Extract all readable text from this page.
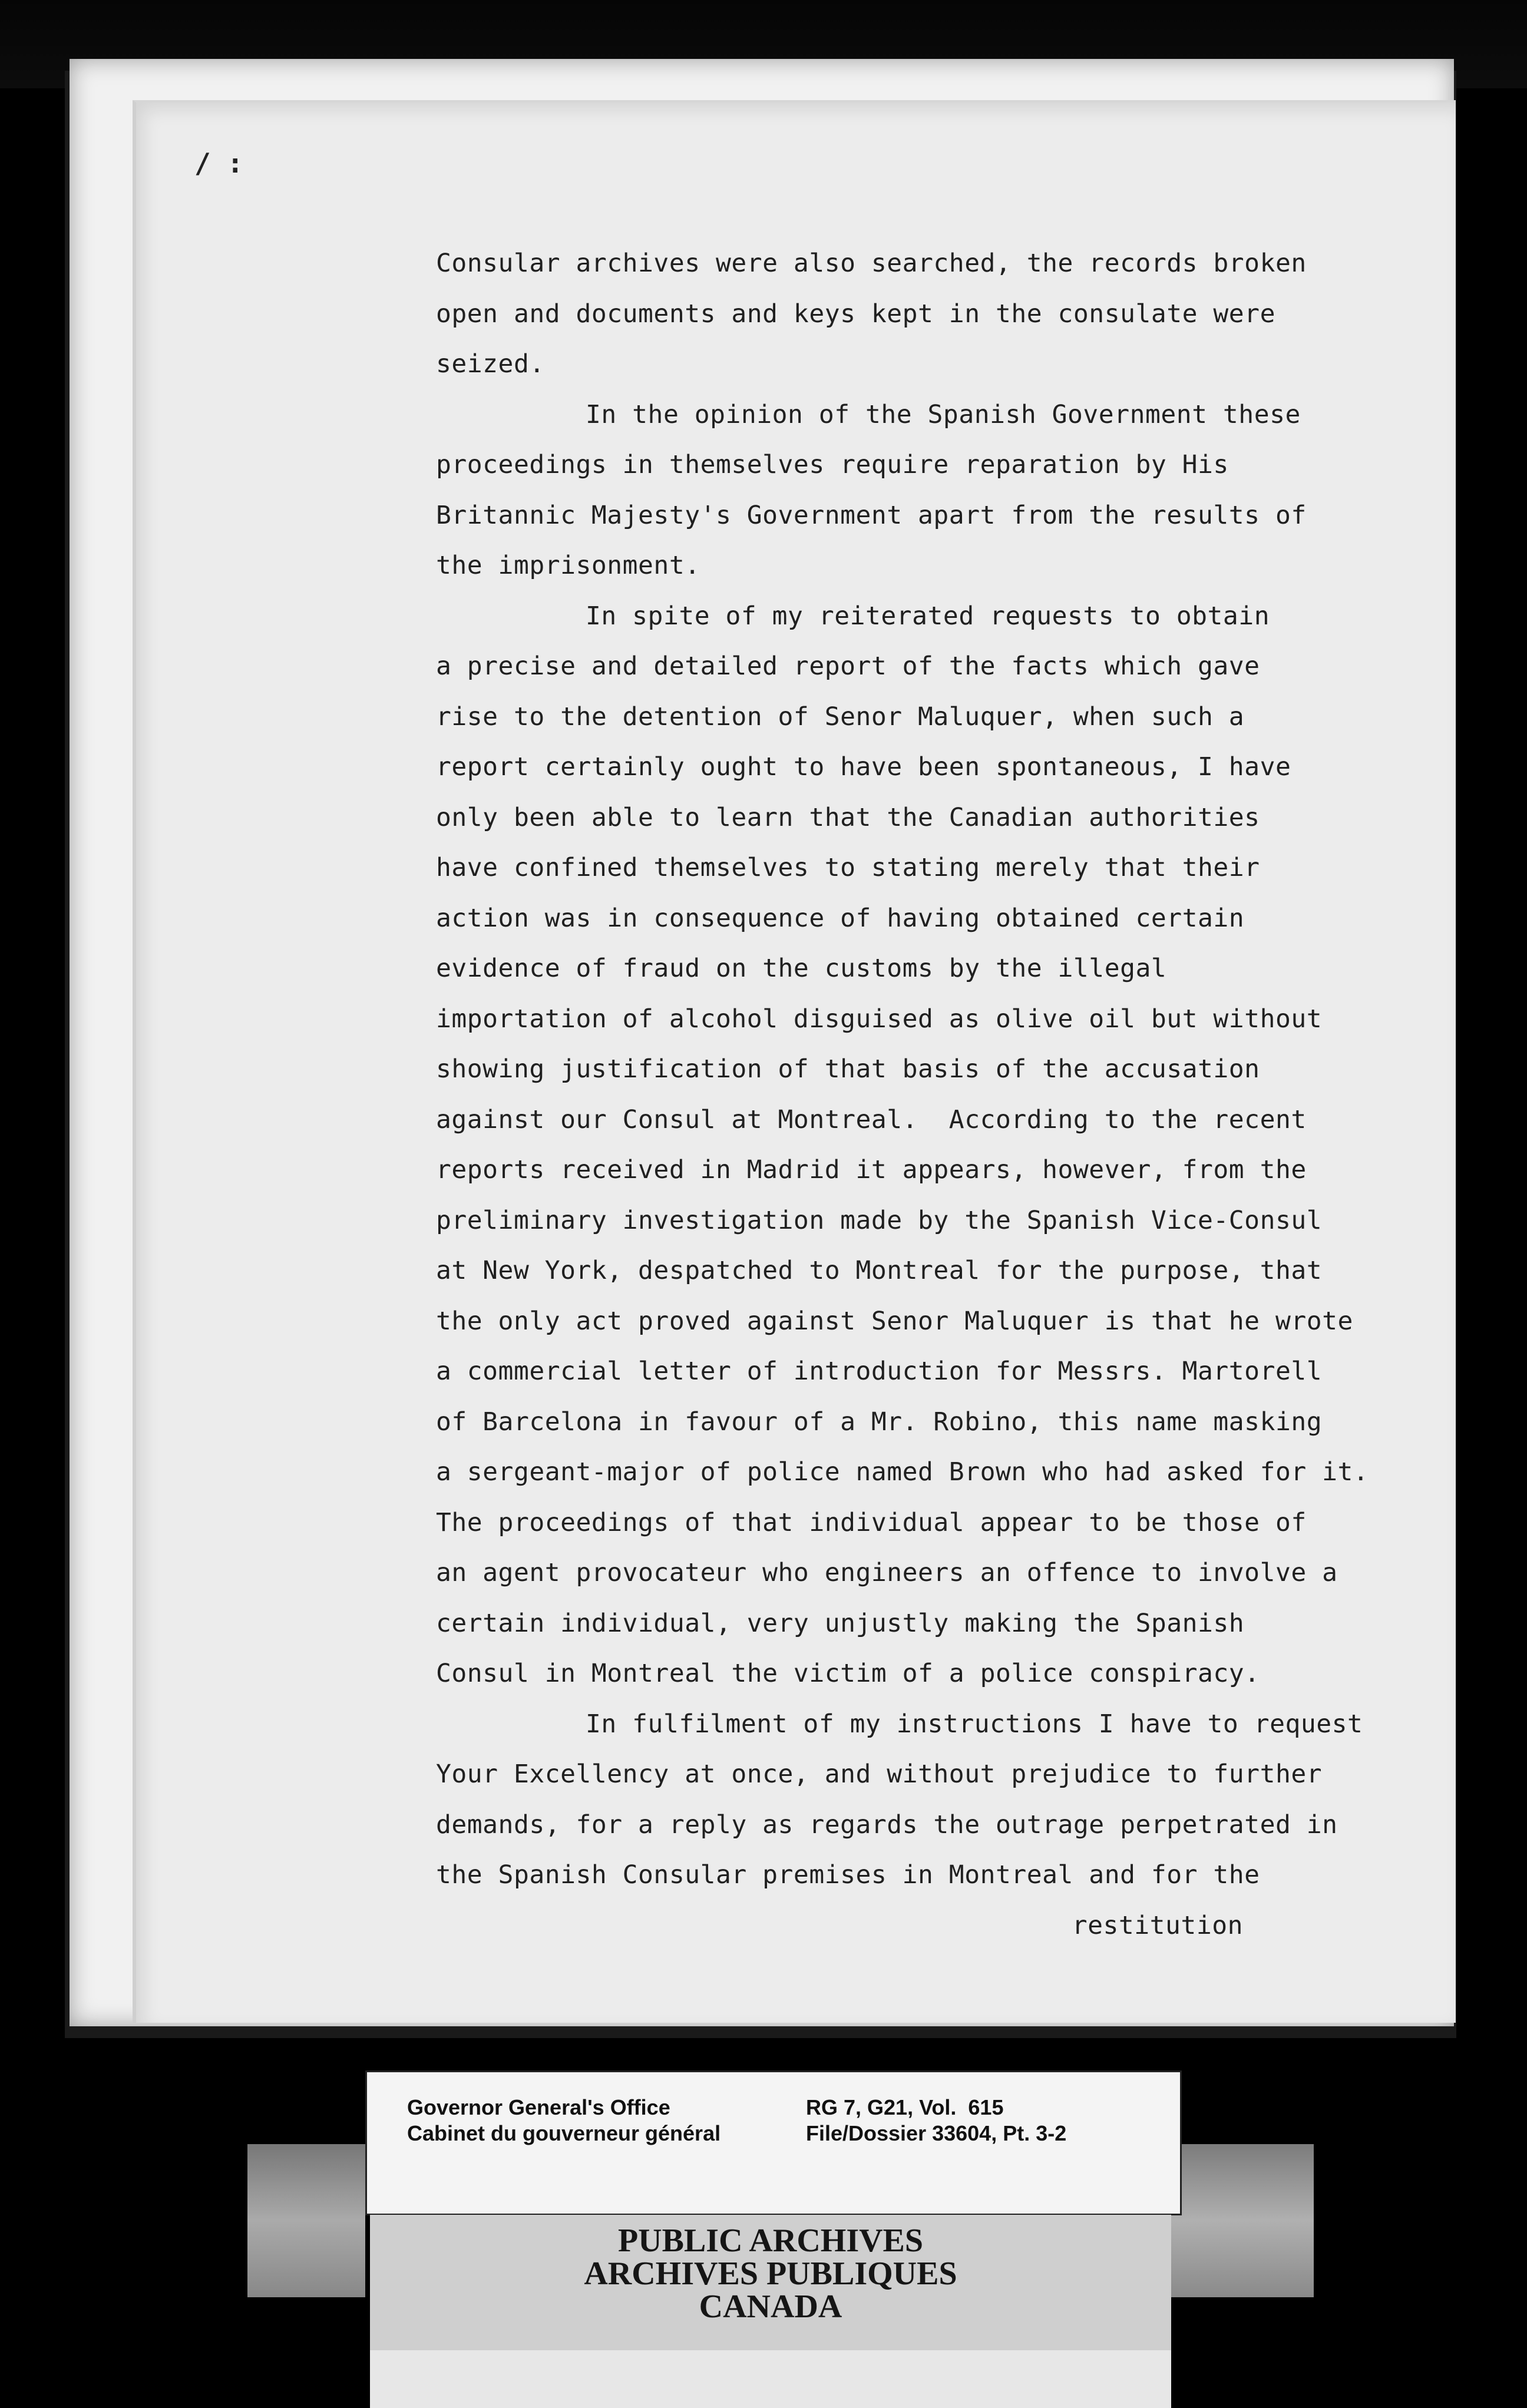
/ :
Consular archives were also searched, the records broken
open and documents and keys kept in the consulate were
seized.
In the opinion of the Spanish Government these
proceedings in themselves require reparation by His
Britannic Majesty's Government apart from the results of
the imprisonment.
In spite of my reiterated requests to obtain
a precise and detailed report of the facts which gave
rise to the detention of Senor Maluquer, when such a
report certainly ought to have been spontaneous, I have
only been able to learn that the Canadian authorities
have confined themselves to stating merely that their
action was in consequence of having obtained certain
evidence of fraud on the customs by the illegal
importation of alcohol disguised as olive oil but without
showing justification of that basis of the accusation
against our Consul at Montreal.  According to the recent
reports received in Madrid it appears, however, from the
preliminary investigation made by the Spanish Vice-Consul
at New York, despatched to Montreal for the purpose, that
the only act proved against Senor Maluquer is that he wrote
a commercial letter of introduction for Messrs. Martorell
of Barcelona in favour of a Mr. Robino, this name masking
a sergeant-major of police named Brown who had asked for it.
The proceedings of that individual appear to be those of
an agent provocateur who engineers an offence to involve a
certain individual, very unjustly making the Spanish
Consul in Montreal the victim of a police conspiracy.
In fulfilment of my instructions I have to request
Your Excellency at once, and without prejudice to further
demands, for a reply as regards the outrage perpetrated in
the Spanish Consular premises in Montreal and for the
restitution
Governor General's Office
Cabinet du gouverneur général
RG 7, G21, Vol.  615
File/Dossier 33604, Pt. 3-2
PUBLIC ARCHIVES
ARCHIVES PUBLIQUES
CANADA
